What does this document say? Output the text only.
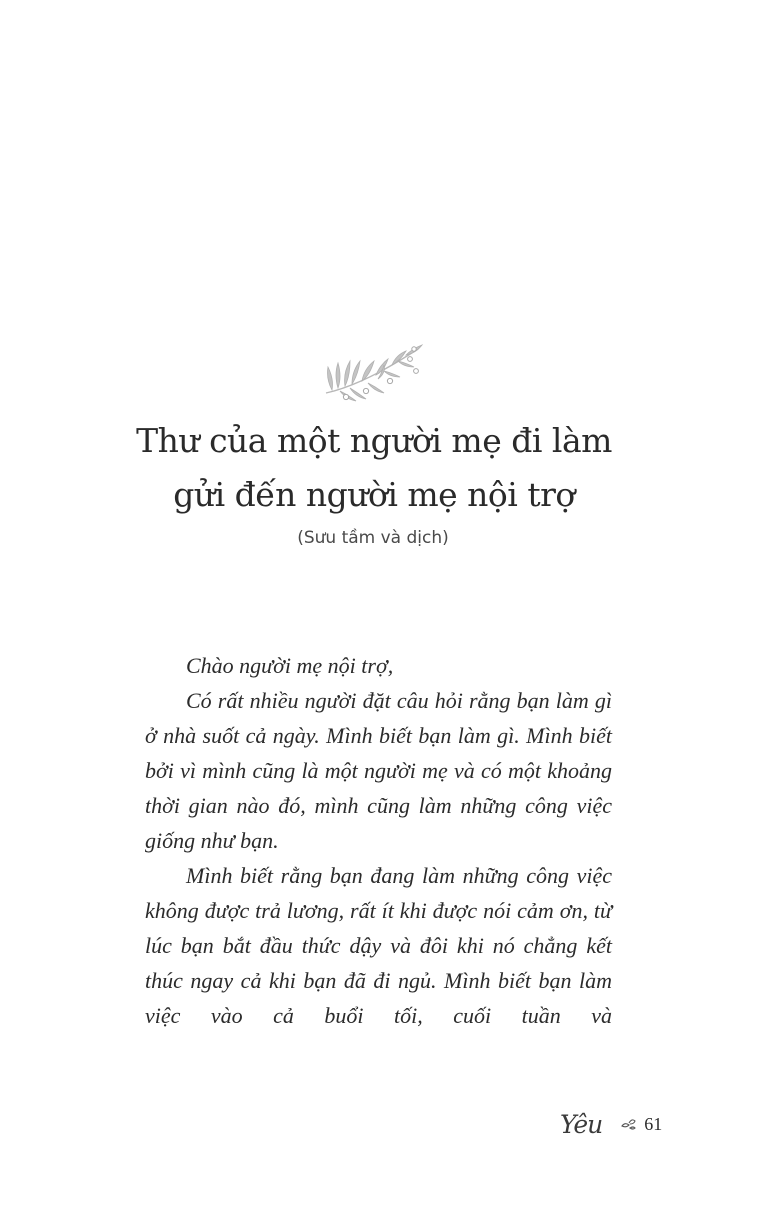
Thư của một người mẹ đi làm
gửi đến người mẹ nội trợ
(Sưu tầm và dịch)

Chào người mẹ nội trợ,

Có rất nhiều người đặt câu hỏi rằng bạn làm gì ở nhà suốt cả ngày. Mình biết bạn làm gì. Mình biết bởi vì mình cũng là một người mẹ và có một khoảng thời gian nào đó, mình cũng làm những công việc giống như bạn.

Mình biết rằng bạn đang làm những công việc không được trả lương, rất ít khi được nói cảm ơn, từ lúc bạn bắt đầu thức dậy và đôi khi nó chẳng kết thúc ngay cả khi bạn đã đi ngủ. Mình biết bạn làm việc vào cả buổi tối, cuối tuần và

Yêu 61
